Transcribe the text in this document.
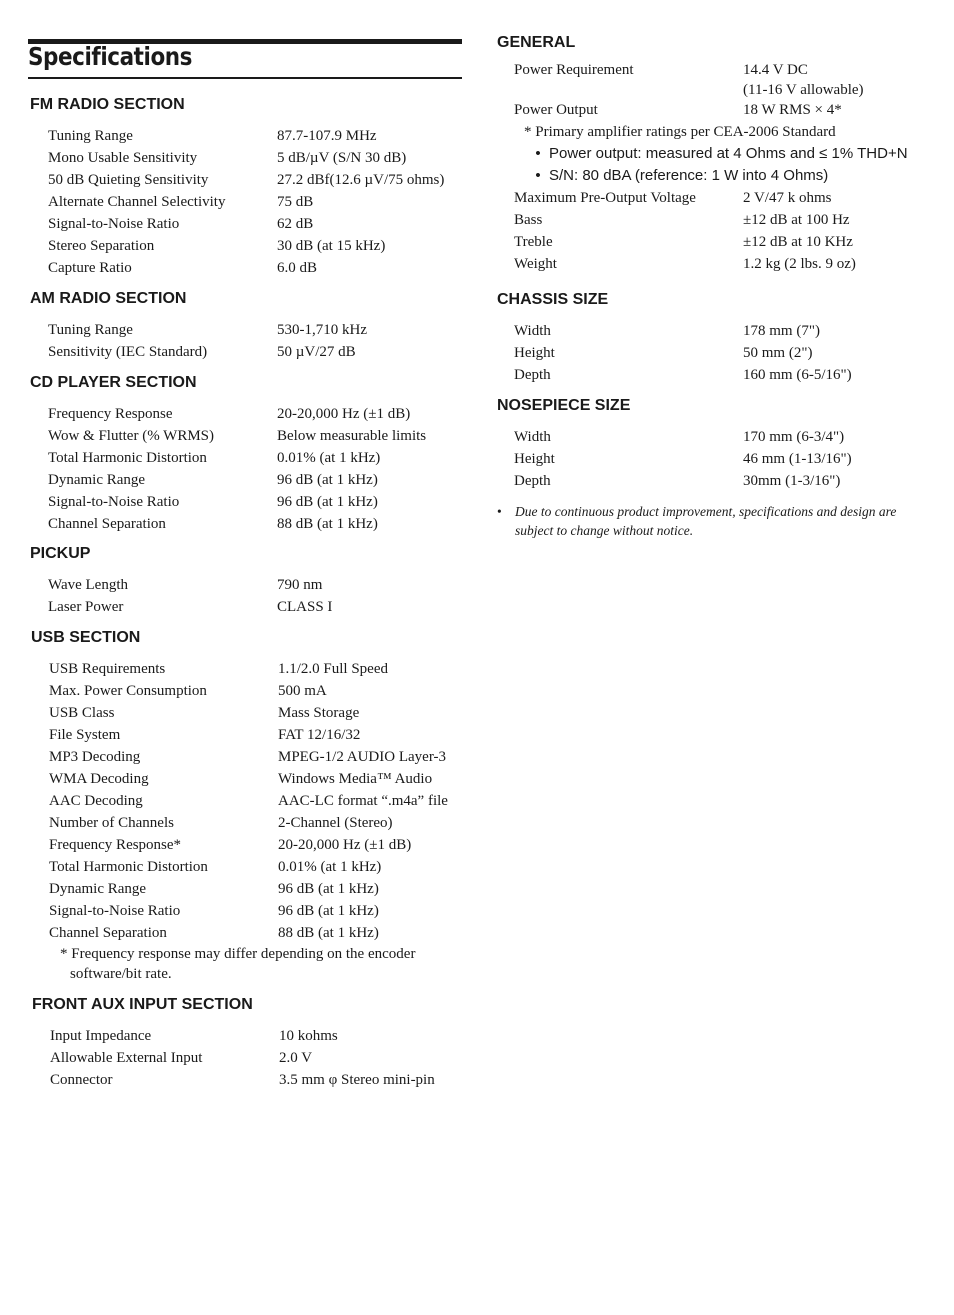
Specifications
FM RADIO SECTION
Tuning Range	87.7-107.9 MHz
Mono Usable Sensitivity	5 dB/µV (S/N 30 dB)
50 dB Quieting Sensitivity	27.2 dBf(12.6 µV/75 ohms)
Alternate Channel Selectivity	75 dB
Signal-to-Noise Ratio	62 dB
Stereo Separation	30 dB (at 15 kHz)
Capture Ratio	6.0 dB
AM RADIO SECTION
Tuning Range	530-1,710 kHz
Sensitivity (IEC Standard)	50 µV/27 dB
CD PLAYER SECTION
Frequency Response	20-20,000 Hz (±1 dB)
Wow & Flutter (% WRMS)	Below measurable limits
Total Harmonic Distortion	0.01% (at 1 kHz)
Dynamic Range	96 dB (at 1 kHz)
Signal-to-Noise Ratio	96 dB (at 1 kHz)
Channel Separation	88 dB (at 1 kHz)
PICKUP
Wave Length	790 nm
Laser Power	CLASS I
USB SECTION
USB Requirements	1.1/2.0 Full Speed
Max. Power Consumption	500 mA
USB Class	Mass Storage
File System	FAT 12/16/32
MP3 Decoding	MPEG-1/2 AUDIO Layer-3
WMA Decoding	Windows Media™ Audio
AAC Decoding	AAC-LC format “.m4a” file
Number of Channels	2-Channel (Stereo)
Frequency Response*	20-20,000 Hz (±1 dB)
Total Harmonic Distortion	0.01% (at 1 kHz)
Dynamic Range	96 dB (at 1 kHz)
Signal-to-Noise Ratio	96 dB (at 1 kHz)
Channel Separation	88 dB (at 1 kHz)
* Frequency response may differ depending on the encoder
software/bit rate.
FRONT AUX INPUT SECTION
Input Impedance	10 kohms
Allowable External Input	2.0 V
Connector	3.5 mm φ Stereo mini-pin
GENERAL
Power Requirement	14.4 V DC
(11-16 V allowable)
Power Output	18 W RMS × 4*
* Primary amplifier ratings per CEA-2006 Standard
• Power output: measured at 4 Ohms and ≤ 1% THD+N
• S/N: 80 dBA (reference: 1 W into 4 Ohms)
Maximum Pre-Output Voltage	2 V/47 k ohms
Bass	±12 dB at 100 Hz
Treble	±12 dB at 10 KHz
Weight	1.2 kg (2 lbs. 9 oz)
CHASSIS SIZE
Width	178 mm (7")
Height	50 mm (2")
Depth	160 mm (6-5/16")
NOSEPIECE SIZE
Width	170 mm (6-3/4")
Height	46 mm (1-13/16")
Depth	30mm (1-3/16")
• Due to continuous product improvement, specifications and design are subject to change without notice.
